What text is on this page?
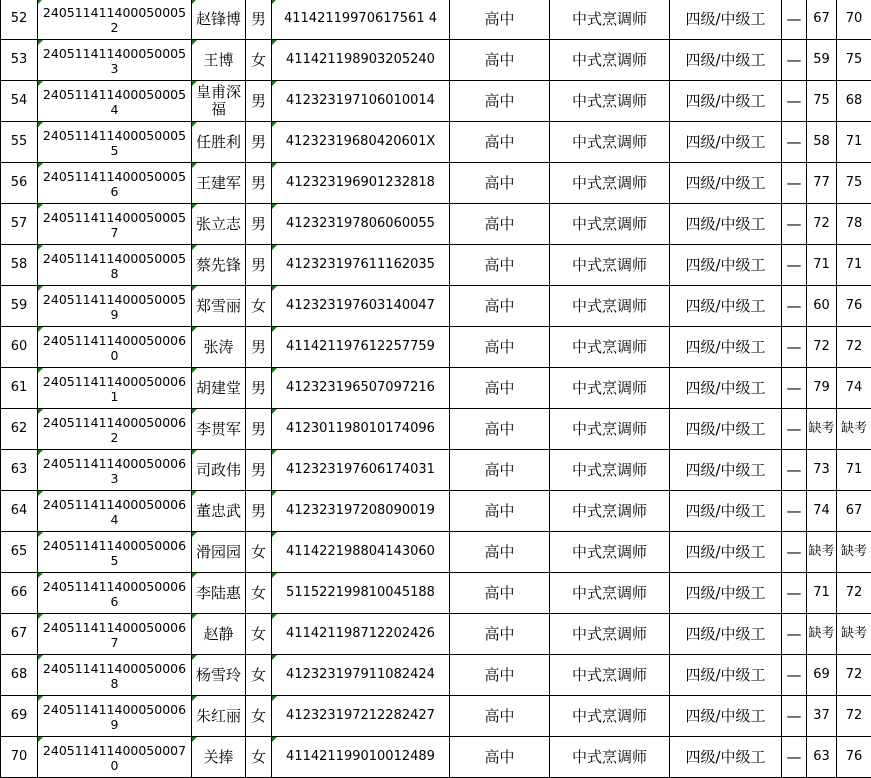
52	240511411400050005 2	赵锋博	男	41142119970617561 4	高中	中式烹调师	四级/中级工	—	67	70
53	240511411400050005 3	王博	女	411421198903205240	高中	中式烹调师	四级/中级工	—	59	75
54	240511411400050005 4	皇甫深福	男	412323197106010014	高中	中式烹调师	四级/中级工	—	75	68
55	240511411400050005 5	任胜利	男	41232319680420601X	高中	中式烹调师	四级/中级工	—	58	71
56	240511411400050005 6	王建军	男	412323196901232818	高中	中式烹调师	四级/中级工	—	77	75
57	240511411400050005 7	张立志	男	412323197806060055	高中	中式烹调师	四级/中级工	—	72	78
58	240511411400050005 8	蔡先锋	男	412323197611162035	高中	中式烹调师	四级/中级工	—	71	71
59	240511411400050005 9	郑雪丽	女	412323197603140047	高中	中式烹调师	四级/中级工	—	60	76
60	240511411400050006 0	张涛	男	411421197612257759	高中	中式烹调师	四级/中级工	—	72	72
61	240511411400050006 1	胡建堂	男	412323196507097216	高中	中式烹调师	四级/中级工	—	79	74
62	240511411400050006 2	李贯军	男	412301198010174096	高中	中式烹调师	四级/中级工	—	缺考	缺考
63	240511411400050006 3	司政伟	男	412323197606174031	高中	中式烹调师	四级/中级工	—	73	71
64	240511411400050006 4	董忠武	男	412323197208090019	高中	中式烹调师	四级/中级工	—	74	67
65	240511411400050006 5	滑园园	女	411422198804143060	高中	中式烹调师	四级/中级工	—	缺考	缺考
66	240511411400050006 6	李陆惠	女	511522199810045188	高中	中式烹调师	四级/中级工	—	71	72
67	240511411400050006 7	赵静	女	411421198712202426	高中	中式烹调师	四级/中级工	—	缺考	缺考
68	240511411400050006 8	杨雪玲	女	412323197911082424	高中	中式烹调师	四级/中级工	—	69	72
69	240511411400050006 9	朱红丽	女	412323197212282427	高中	中式烹调师	四级/中级工	—	37	72
70	240511411400050007 0	关捧	女	411421199010012489	高中	中式烹调师	四级/中级工	—	63	76
